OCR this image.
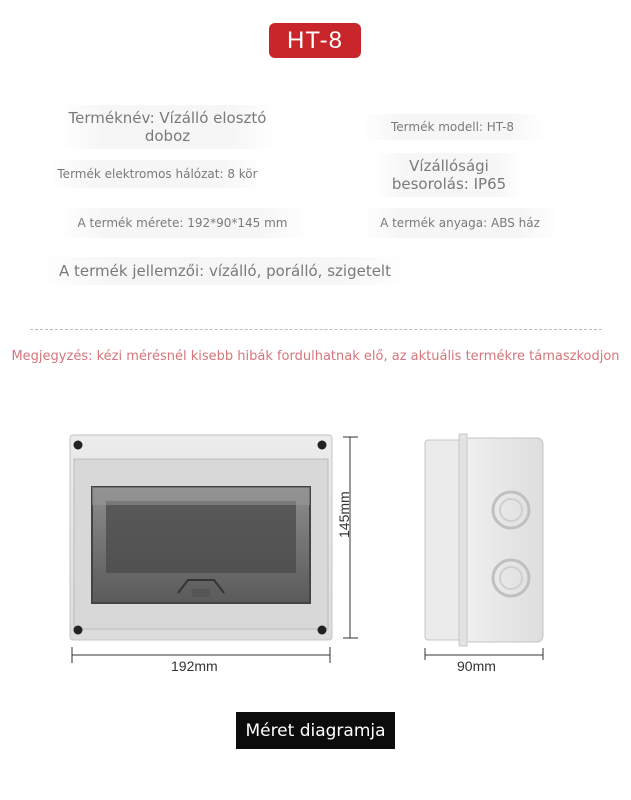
HT-8
Terméknév: Vízálló elosztó doboz
Termék modell: HT-8
Termék elektromos hálózat: 8 kör	Vízállósági besorolás: IP65
A termék mérete: 192*90*145 mm	A termék anyaga: ABS ház
A termék jellemzői: vízálló, porálló, szigetelt
Megjegyzés: kézi mérésnél kisebb hibák fordulhatnak elő, az aktuális termékre támaszkodjon
145mm
192mm	90mm
Méret diagramja
